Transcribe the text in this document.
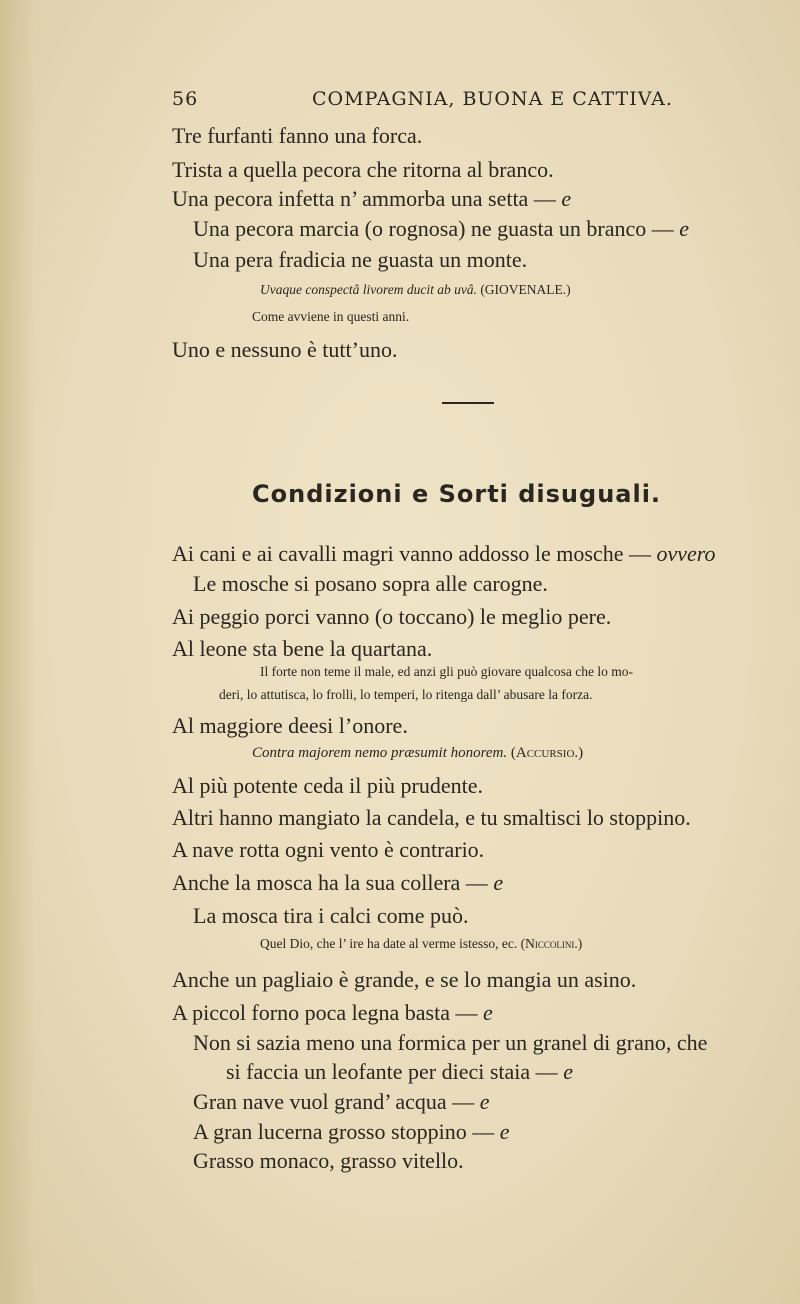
56	COMPAGNIA, BUONA E CATTIVA.
Tre furfanti fanno una forca.
Trista a quella pecora che ritorna al branco.
Una pecora infetta n’ ammorba una setta — e
Una pecora marcia (o rognosa) ne guasta un branco — e
Una pera fradicia ne guasta un monte.
Uvaque conspectâ livorem ducit ab uvâ. (GIOVENALE.)
Come avviene in questi anni.
Uno e nessuno è tutt’uno.
Condizioni e Sorti disuguali.
Ai cani e ai cavalli magri vanno addosso le mosche — ovvero
Le mosche si posano sopra alle carogne.
Ai peggio porci vanno (o toccano) le meglio pere.
Al leone sta bene la quartana.
Il forte non teme il male, ed anzi gli può giovare qualcosa che lo mo-
deri, lo attutisca, lo frolli, lo temperi, lo ritenga dall’ abusare la forza.
Al maggiore deesi l’onore.
Contra majorem nemo præsumit honorem. (Accursio.)
Al più potente ceda il più prudente.
Altri hanno mangiato la candela, e tu smaltisci lo stoppino.
A nave rotta ogni vento è contrario.
Anche la mosca ha la sua collera — e
La mosca tira i calci come può.
Quel Dio, che l’ ire ha date al verme istesso, ec. (Niccolini.)
Anche un pagliaio è grande, e se lo mangia un asino.
A piccol forno poca legna basta — e
Non si sazia meno una formica per un granel di grano, che
si faccia un leofante per dieci staia — e
Gran nave vuol grand’ acqua — e
A gran lucerna grosso stoppino — e
Grasso monaco, grasso vitello.
